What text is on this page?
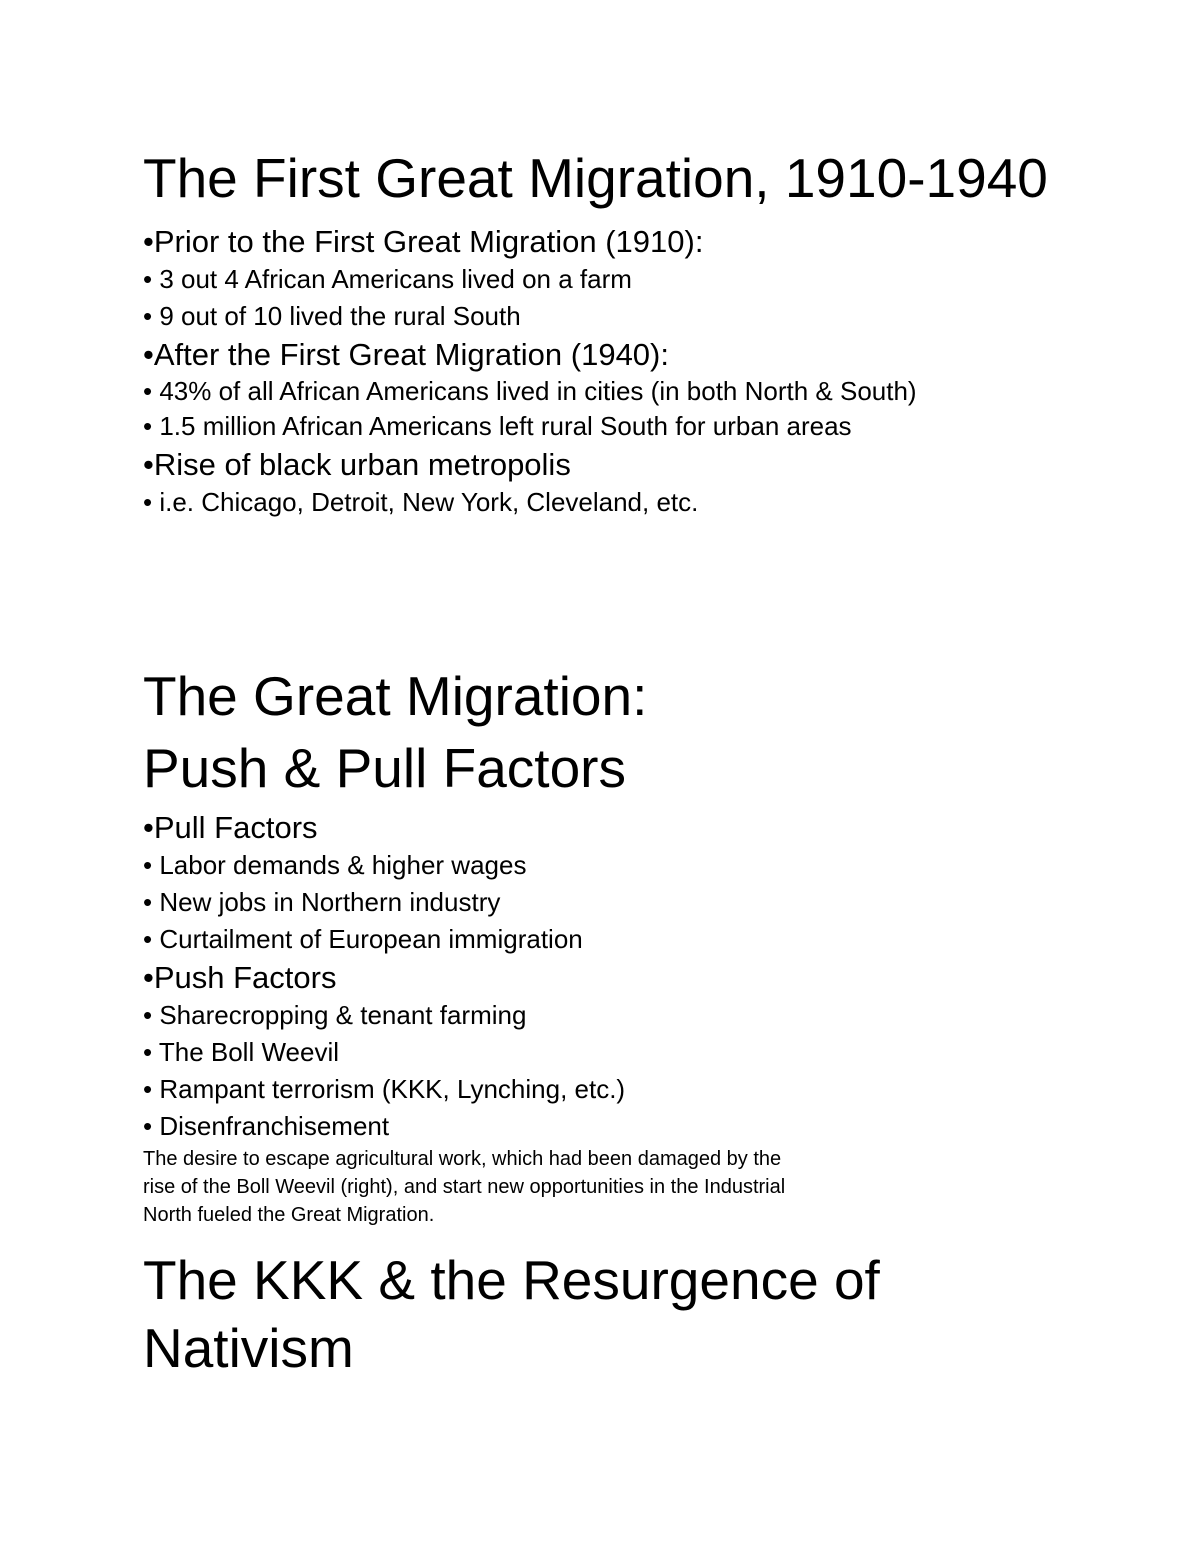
The First Great Migration, 1910-1940

•Prior to the First Great Migration (1910):

• 3 out 4 African Americans lived on a farm

• 9 out of 10 lived the rural South

•After the First Great Migration (1940):

• 43% of all African Americans lived in cities (in both North & South)

• 1.5 million African Americans left rural South for urban areas

•Rise of black urban metropolis

• i.e. Chicago, Detroit, New York, Cleveland, etc.

The Great Migration:
Push & Pull Factors

•Pull Factors

• Labor demands & higher wages

• New jobs in Northern industry

• Curtailment of European immigration

•Push Factors

• Sharecropping & tenant farming

• The Boll Weevil

• Rampant terrorism (KKK, Lynching, etc.)

• Disenfranchisement

The desire to escape agricultural work, which had been damaged by the rise of the Boll Weevil (right), and start new opportunities in the Industrial North fueled the Great Migration.

The KKK & the Resurgence of Nativism
